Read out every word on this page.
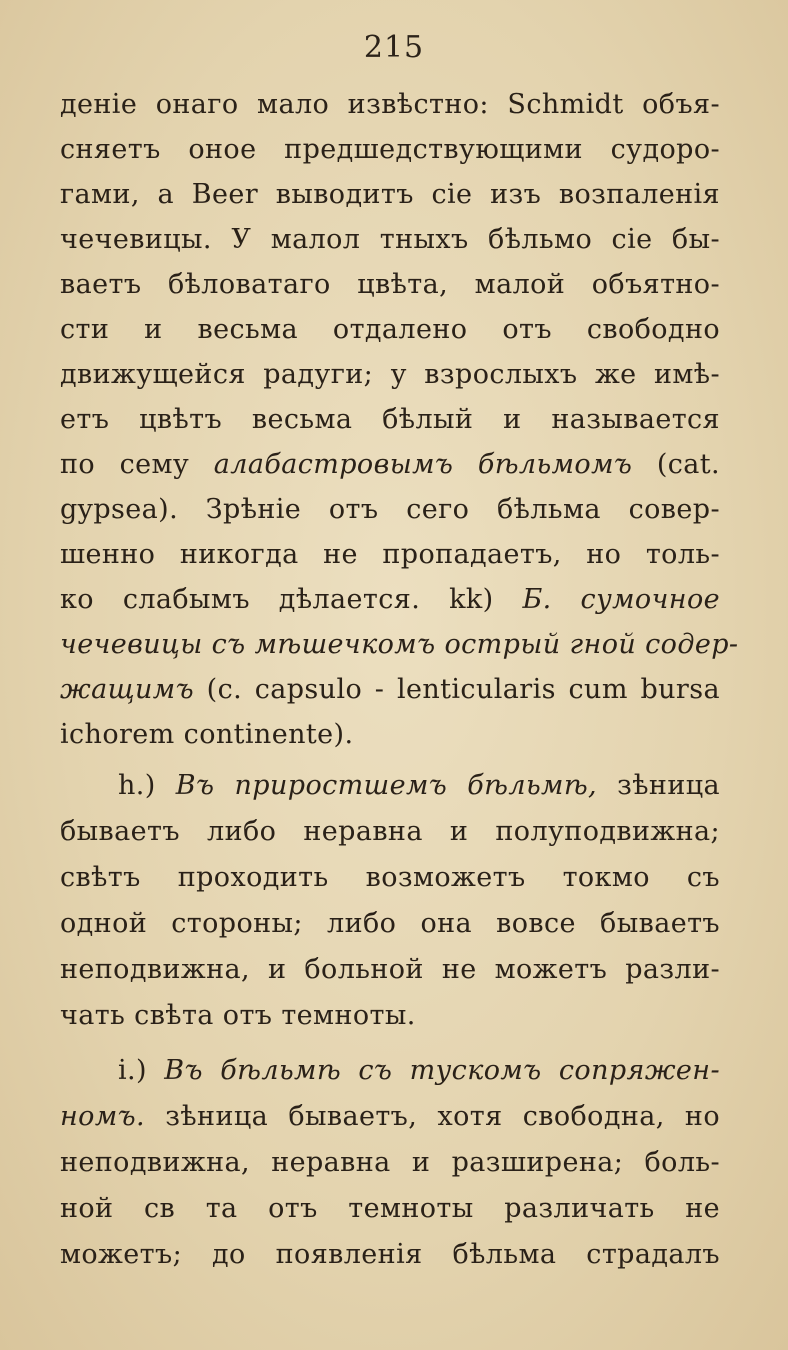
215
деніе онаго мало извѣстно: Schmidt объя-
сняетъ оное предшедствующими судоро-
гами, а Beer выводитъ сіе изъ возпаленія
чечевицы. У малол тныхъ бѣльмо сіе бы-
ваетъ бѣловатаго цвѣта, малой объятно-
сти и весьма отдалено отъ свободно
движущейся радуги; у взрослыхъ же имѣ-
етъ цвѣтъ весьма бѣлый и называется
по сему алабастровымъ бѣльмомъ (cat.
gypsea). Зрѣніе отъ сего бѣльма совер-
шенно никогда не пропадаетъ, но толь-
ко слабымъ дѣлается. kk) Б. сумочное
чечевицы съ мѣшечкомъ острый гной содер-
жащимъ (c. capsulo - lenticularis cum bursa
ichorem continente).
h.) Въ приростшемъ бѣльмѣ, зѣница
бываетъ либо неравна и полуподвижна;
свѣтъ проходить возможетъ токмо съ
одной стороны; либо она вовсе бываетъ
неподвижна, и больной не можетъ разли-
чать свѣта отъ темноты.
i.) Въ бѣльмѣ съ тускомъ сопряжен-
номъ. зѣница бываетъ, хотя свободна, но
неподвижна, неравна и разширена; боль-
ной св та отъ темноты различать не
можетъ; до появленія бѣльма страдалъ
